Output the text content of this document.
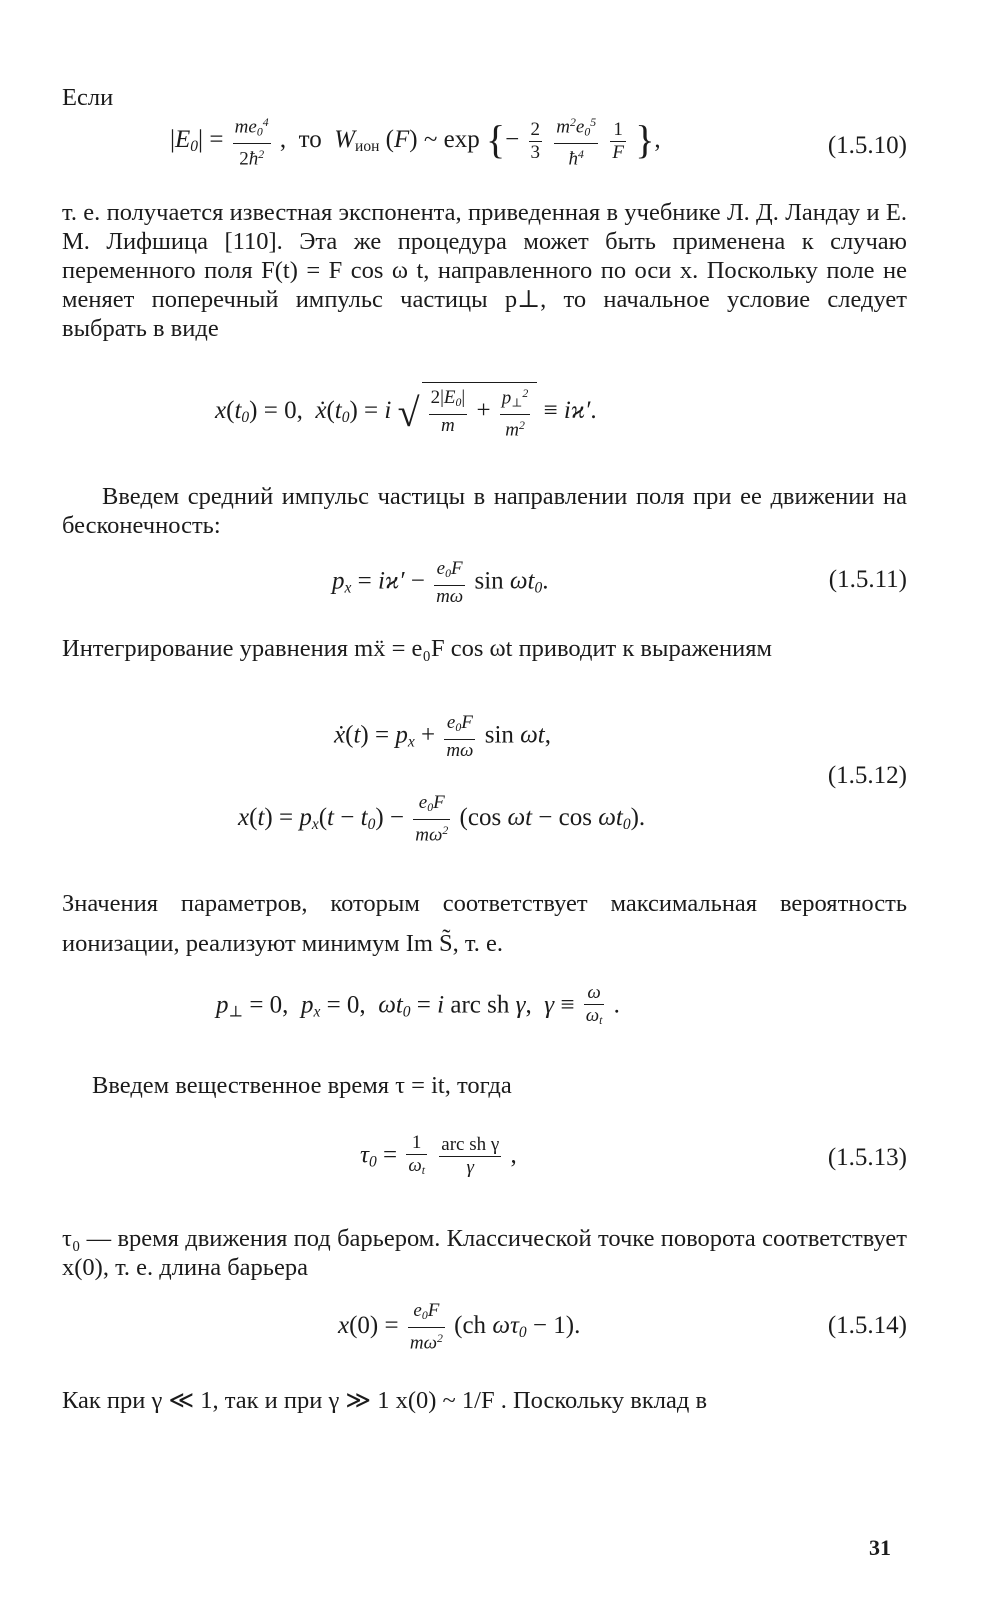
Если
$|E_0| = \frac{me_0^4}{2ħ^2}$ ,  то  $W_{ион}$ (F) ~ exp {− $\frac{2}{3}$
$\frac{m^2e_0^5}{ħ^4}$
$\frac{1}{F}$ },	(1.5.10)
т. е. получается известная экспонента, приведенная в учебнике Л. Д. Ландау и Е. М. Лифшица [110]. Эта же процедура может быть применена к случаю переменного поля F(t) = F cos ω t, направленного по оси x. Поскольку поле не меняет поперечный импульс частицы p⊥, то начальное условие следует выбрать в виде
$x(t_0) = 0$,  $ẋ(t_0) = i$ √ $\frac{2|E_0|}{m} + \frac{p_\perp^2}{m^2} \equiv iϰ'$.
Введем средний импульс частицы в направлении поля при ее движении на бесконечность:
$p_x = iϰ' - \frac{e_0F}{m\omega}$ $\sin \omega t_0$.	(1.5.11)
Интегрирование уравнения mẍ = e₀F cos ωt приводит к выражениям
ẋ(t) = $p_x + \frac{e_0F}{m\omega}$ sin ωt,
$x(t) = p_x(t - t_0) - \frac{e_0F}{m\omega^2} (\cos$ $\omega t - \cos \omega t_0$).
(1.5.12)
Значения параметров, которым соответствует максимальная вероятность ионизации, реализуют минимум Im S̃, т. е.
$p_\perp = 0$,  $p_x = 0$,  $\omega t_0 = i$ arc sh γ,  $\gamma \equiv \frac{\omega}{\omega_t}$ .
Введем вещественное время τ = it, тогда
$\tau_0 = \frac{1}{\omega_t}$
$\frac{\text{arc sh γ}}{\gamma}$ ,	(1.5.13)
τ₀ — время движения под барьером. Классической точке поворота соответствует x(0), т. е. длина барьера
$x(0) = \frac{e_0F}{m\omega^2} (ch$ $\omega\tau_0 - 1$).	(1.5.14)
Как при γ ≪ 1, так и при γ ≫ 1 x(0) ~ 1/F . Поскольку вклад в
31
